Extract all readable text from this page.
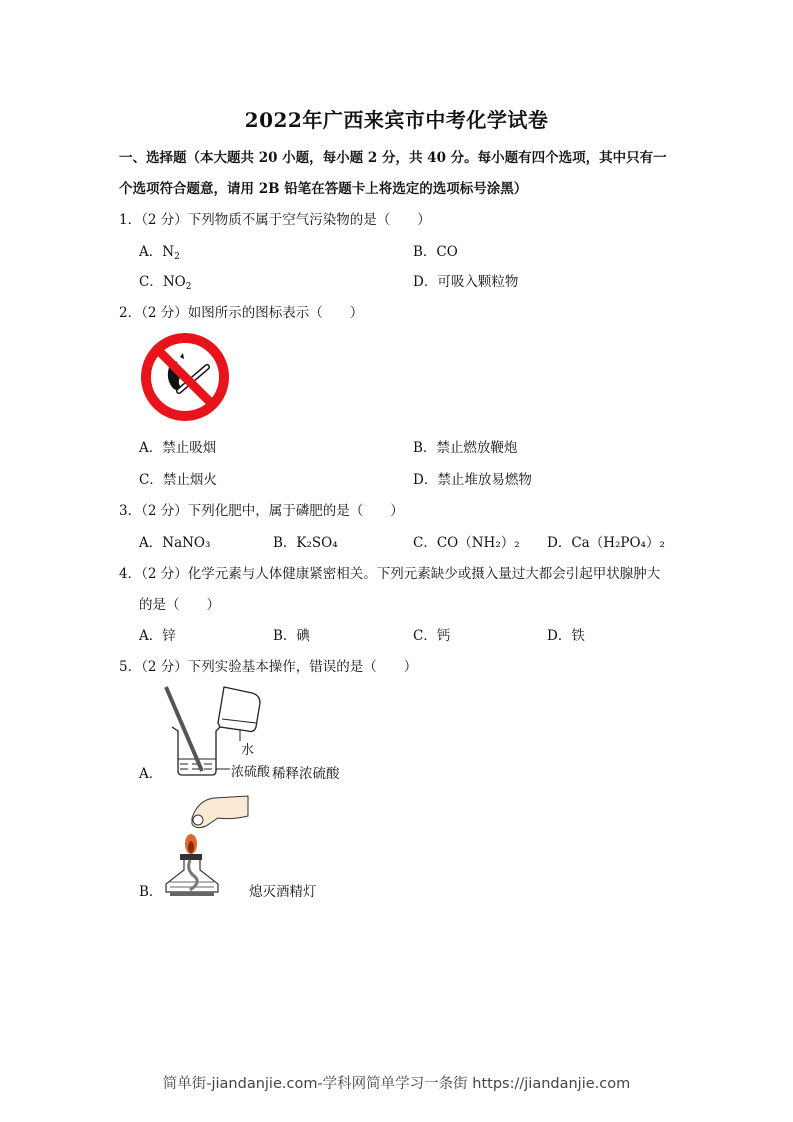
2022年广西来宾市中考化学试卷
一、选择题（本大题共 20 小题，每小题 2 分，共 40 分。每小题有四个选项，其中只有一
个选项符合题意，请用 2B 铅笔在答题卡上将选定的选项标号涂黑）
1．（2 分）下列物质不属于空气污染物的是（　　）
A．$N_2$	B．CO
C．$NO_2$	D．可吸入颗粒物
2．（2 分）如图所示的图标表示（　　）
A．禁止吸烟	B．禁止燃放鞭炮
C．禁止烟火	D．禁止堆放易燃物
3．（2 分）下列化肥中，属于磷肥的是（　　）
A．NaNO₃	B．K₂SO₄	C．CO（NH₂）₂ D．Ca（H₂PO₄）₂
4．（2 分）化学元素与人体健康紧密相关。下列元素缺少或摄入量过大都会引起甲状腺肿大
的是（　　）
A．锌	B．碘	C．钙	D．铁
5．（2 分）下列实验基本操作，错误的是（　　）
水
浓硫酸
A．	稀释浓硫酸
B．	熄灭酒精灯
简单街-jiandanjie.com-学科网简单学习一条街 https://jiandanjie.com
